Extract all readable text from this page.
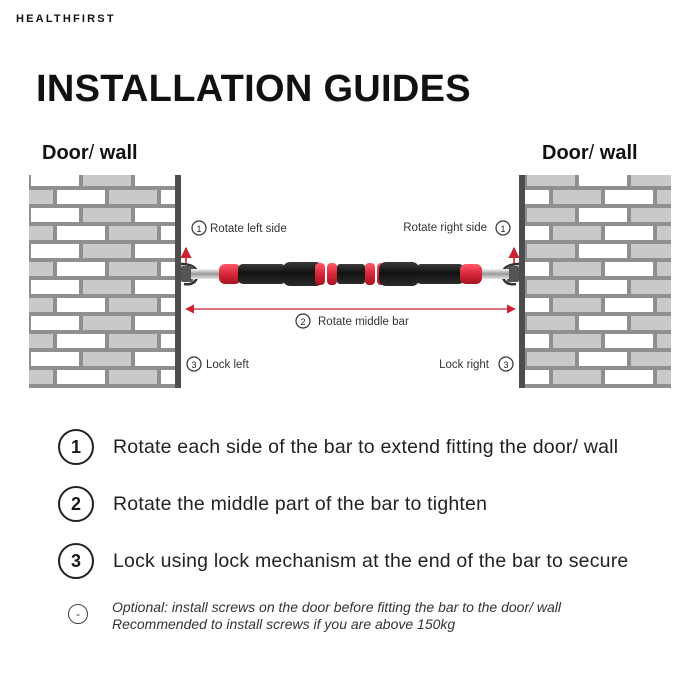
HEALTHFIRST
INSTALLATION GUIDES
Door/ wall	Door/ wall
1 Rotate left side	1
Rotate right side
2 Rotate middle bar
3 Lock left	3
Lock right
1	Rotate each side of the bar to extend fitting the door/ wall
2	Rotate the middle part of the bar to tighten
3	Lock using lock mechanism at the end of the bar to secure
-	Optional: install screws on the door before fitting the bar to the door/ wall
Recommended to install screws if you are above 150kg
